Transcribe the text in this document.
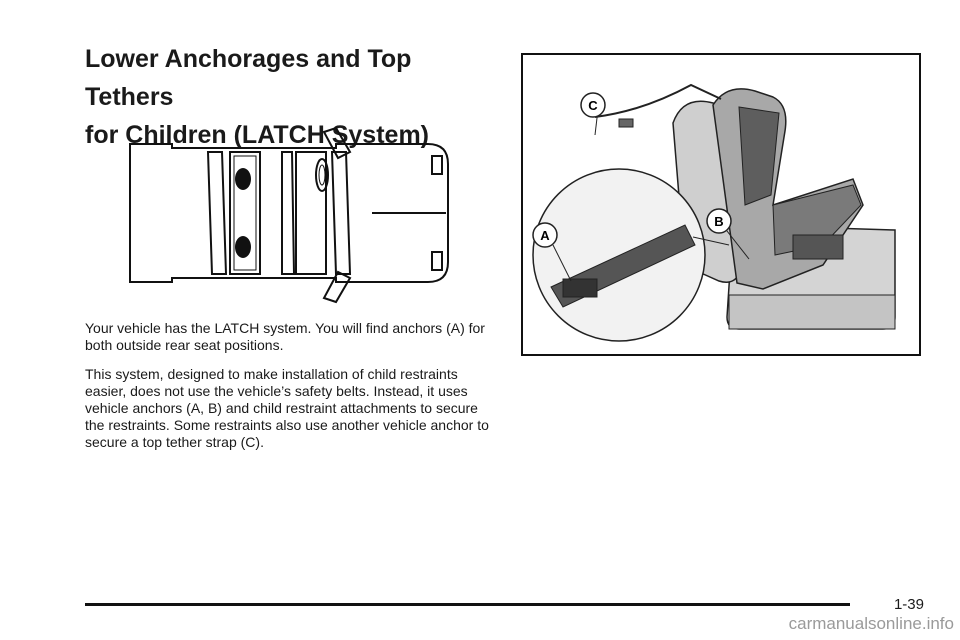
Lower Anchorages and Top Tethers
for Children (LATCH System)

Your vehicle has the LATCH system. You will find anchors (A) for both outside rear seat positions.

This system, designed to make installation of child restraints easier, does not use the vehicle’s safety belts. Instead, it uses vehicle anchors (A, B) and child restraint attachments to secure the restraints. Some restraints also use another vehicle anchor to secure a top tether strap (C).

C
A
B
1-39
carmanualsonline.info
